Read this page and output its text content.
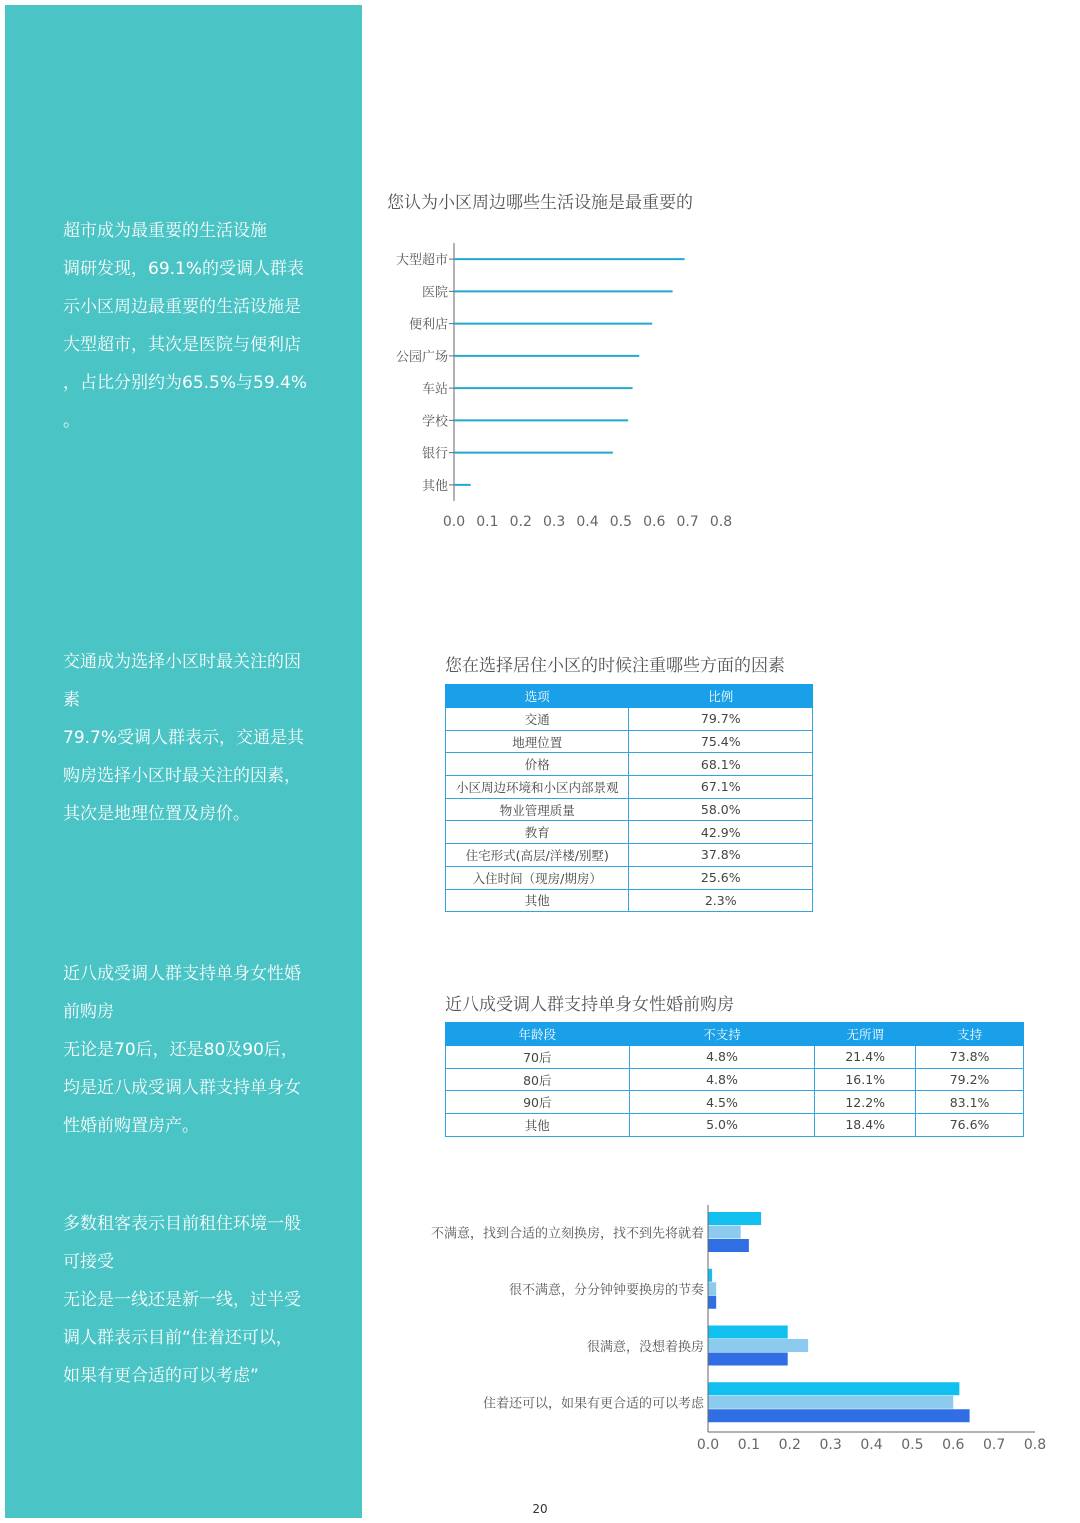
超市成为最重要的生活设施

调研发现，69.1%的受调人群表

示小区周边最重要的生活设施是

大型超市，其次是医院与便利店

，占比分别约为65.5%与59.4%

。

交通成为选择小区时最关注的因

素

79.7%受调人群表示，交通是其

购房选择小区时最关注的因素，

其次是地理位置及房价。

近八成受调人群支持单身女性婚

前购房

无论是70后，还是80及90后，

均是近八成受调人群支持单身女

性婚前购置房产。

多数租客表示目前租住环境一般

可接受

无论是一线还是新一线，过半受

调人群表示目前“住着还可以，

如果有更合适的可以考虑”

您认为小区周边哪些生活设施是最重要的
大型超市
医院
便利店
公园广场
车站
学校
银行
其他
0.0 0.1 0.2 0.3 0.4 0.5 0.6 0.7 0.8
您在选择居住小区的时候注重哪些方面的因素
选项	比例
交通	79.7%
地理位置	75.4%
价格	68.1%
小区周边环境和小区内部景观	67.1%
物业管理质量	58.0%
教育	42.9%
住宅形式(高层/洋楼/别墅)	37.8%
入住时间（现房/期房）	25.6%
其他	2.3%
近八成受调人群支持单身女性婚前购房
年龄段	不支持	无所谓	支持
70后	4.8%	21.4%	73.8%
80后	4.8%	16.1%	79.2%
90后	4.5%	12.2%	83.1%
其他	5.0%	18.4%	76.6%
不满意，找到合适的立刻换房，找不到先将就着
很不满意，分分钟钟要换房的节奏
很满意，没想着换房
住着还可以，如果有更合适的可以考虑
0.0 0.1 0.2 0.3 0.4 0.5 0.6 0.7 0.8
20
